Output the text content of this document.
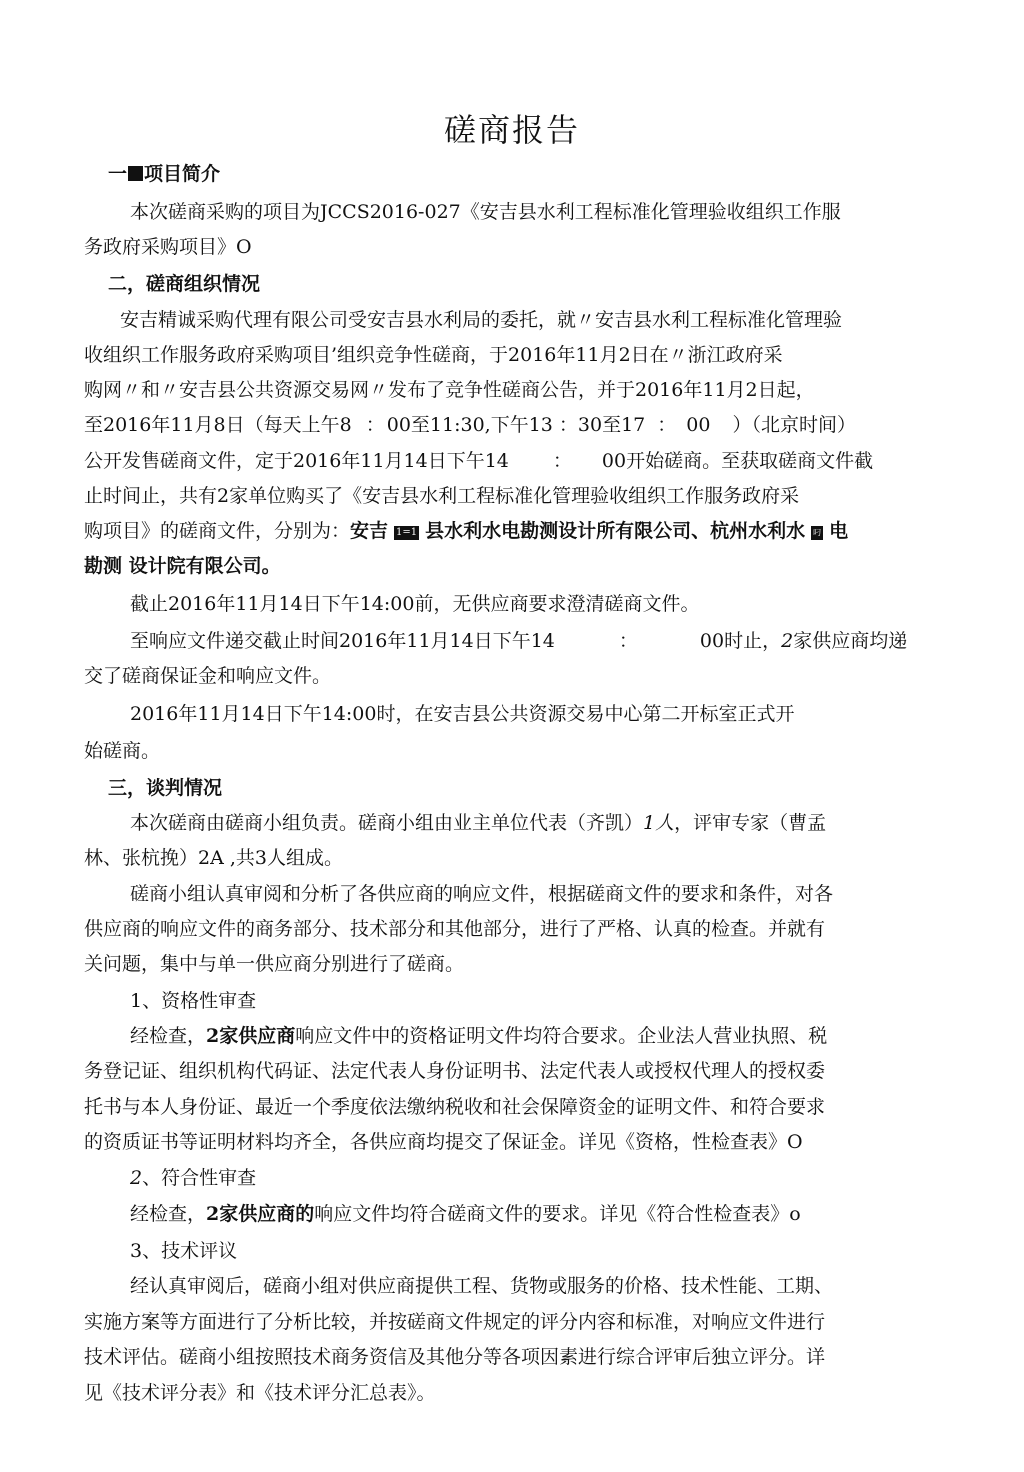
磋商报告
一 项目简介
本次磋商采购的项目为JCCS2016-027《安吉县水利工程标准化管理验收组织工作服
务政府采购项目》O
二，磋商组织情况
安吉精诚采购代理有限公司受安吉县水利局的委托，就〃安吉县水利工程标准化管理验
收组织工作服务政府采购项目’组织竞争性磋商，于2016年11月2日在〃浙江政府采
购网〃和〃安吉县公共资源交易网〃发布了竞争性磋商公告，并于2016年11月2日起，
至2016年11月8日（每天上午8 ： 00至11:30,下午13 ：30至17 ： 00 ）（北京时间）
公开发售磋商文件，定于2016年11月14日下午14 ： 00开始磋商。至获取磋商文件截
止时间止，共有2家单位购买了《安吉县水利工程标准化管理验收组织工作服务政府采
购项目》的磋商文件，分别为：安吉 1=1 县水利水电勘测设计所有限公司、杭州水利水 叼 电
勘测 设计院有限公司。
截止2016年11月14日下午14:00前，无供应商要求澄清磋商文件。
至响应文件递交截止时间2016年11月14日下午14	：	00时止，2家供应商均递
交了磋商保证金和响应文件。
2016年11月14日下午14:00时，在安吉县公共资源交易中心第二开标室正式开
始磋商。
三，谈判情况
本次磋商由磋商小组负责。磋商小组由业主单位代表（齐凯）1人，评审专家（曹孟
林、张杭挽）2A ,共3人组成。
磋商小组认真审阅和分析了各供应商的响应文件，根据磋商文件的要求和条件，对各
供应商的响应文件的商务部分、技术部分和其他部分，进行了严格、认真的检查。并就有
关问题，集中与单一供应商分别进行了磋商。
1、资格性审查
经检查，2家供应商响应文件中的资格证明文件均符合要求。企业法人营业执照、税
务登记证、组织机构代码证、法定代表人身份证明书、法定代表人或授权代理人的授权委
托书与本人身份证、最近一个季度依法缴纳税收和社会保障资金的证明文件、和符合要求
的资质证书等证明材料均齐全，各供应商均提交了保证金。详见《资格，性检查表》O
2、符合性审查
经检查，2家供应商的响应文件均符合磋商文件的要求。详见《符合性检查表》o
3、技术评议
经认真审阅后，磋商小组对供应商提供工程、货物或服务的价格、技术性能、工期、
实施方案等方面进行了分析比较，并按磋商文件规定的评分内容和标准，对响应文件进行
技术评估。磋商小组按照技术商务资信及其他分等各项因素进行综合评审后独立评分。详
见《技术评分表》和《技术评分汇总表》。
